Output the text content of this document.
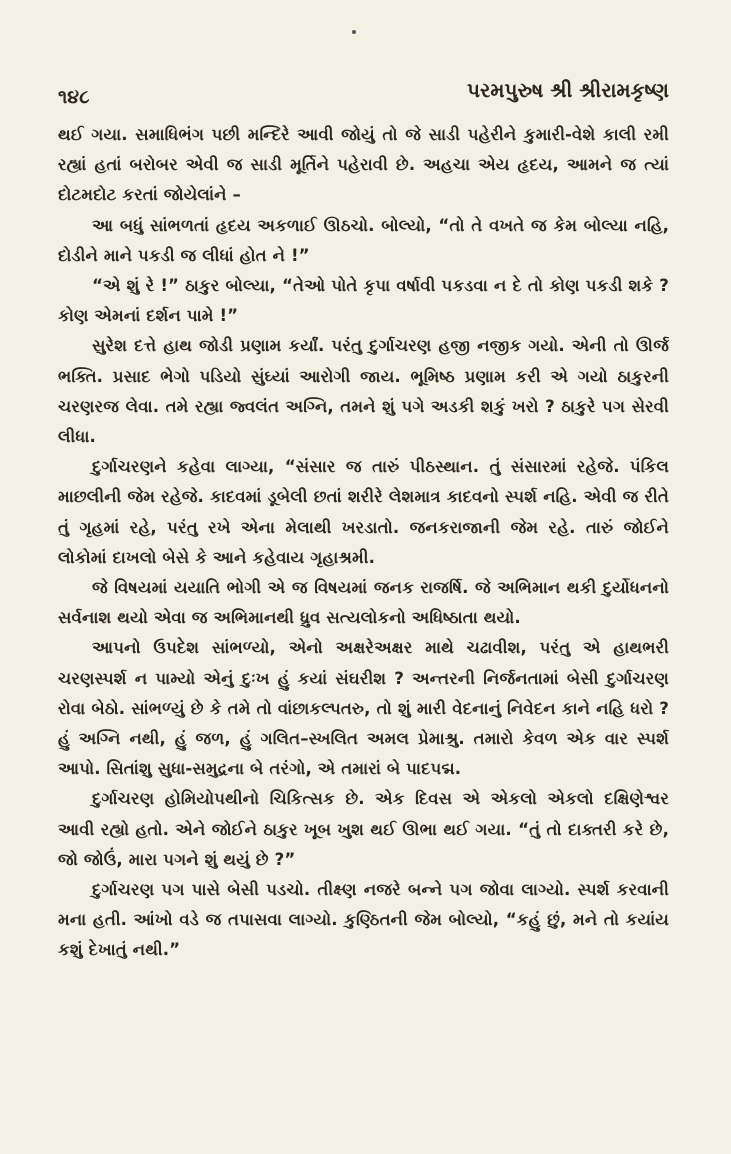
૧૪૮	પરમપુરુષ શ્રી શ્રીરામકૃષ્ણ

થઈ ગયા. સમાધિભંગ પછી મન્દિરે આવી જોયું તો જે સાડી પહેરીને કુમારી-વેશે કાલી રમી રહ્યાં હતાં બરોબર એવી જ સાડી મૂર્તિને પહેરાવી છે. અહચા એય હૃદય, આમને જ ત્યાં દોટમદોટ કરતાં જોયેલાંને –

આ બધું સાંભળતાં હૃદય અકળાઈ ઊઠચો. બોલ્યો, “તો તે વખતે જ કેમ બોલ્યા નહિ, દોડીને માને પકડી જ લીધાં હોત ને !”

“એ શું રે !” ઠાકુર બોલ્યા, “તેઓ પોતે કૃપા વર્ષાવી પકડવા ન દે તો કોણ પકડી શકે ? કોણ એમનાં દર્શન પામે !”

સુરેશ દત્તે હાથ જોડી પ્રણામ કર્યાં. પરંતુ દુર્ગાચરણ હજી નજીક ગયો. એની તો ઊર્જ ભક્તિ. પ્રસાદ ભેગો પડિયો સુંઘ્યાં આરોગી જાય. ભૂમિષ્ઠ પ્રણામ કરી એ ગયો ઠાકુરની ચરણરજ લેવા. તમે રહ્યા જ્વલંત અગ્નિ, તમને શું પગે અડકી શકું ખરો ? ઠાકુરે પગ સેરવી લીધા.

દુર્ગાચરણને કહેવા લાગ્યા, “સંસાર જ તારું પીઠસ્થાન. તું સંસારમાં રહેજે. પંકિલ માછલીની જેમ રહેજે. કાદવમાં ડૂબેલી છતાં શરીરે લેશમાત્ર કાદવનો સ્પર્શ નહિ. એવી જ રીતે તું ગૃહમાં રહે, પરંતુ રખે એના મેલાથી ખરડાતો. જનકરાજાની જેમ રહે. તારું જોઈને લોકોમાં દાખલો બેસે કે આને કહેવાય ગૃહાશ્રમી.

જે વિષયમાં યયાતિ ભોગી એ જ વિષયમાં જનક રાજર્ષિ. જે અભિમાન થકી દુર્યોધનનો સર્વનાશ થયો એવા જ અભિમાનથી ધ્રુવ સત્યલોકનો અધિષ્ઠાતા થયો.

આપનો ઉપદેશ સાંભળ્યો, એનો અક્ષરેઅક્ષર માથે ચઢાવીશ, પરંતુ એ હાથભરી ચરણસ્પર્શ ન પામ્યો એનું દુઃખ હું કયાં સંઘરીશ ? અન્તરની નિર્જનતામાં બેસી દુર્ગાચરણ રોવા બેઠો. સાંભળ્યું છે કે તમે તો વાંછાકલ્પતરુ, તો શું મારી વેદનાનું નિવેદન કાને નહિ ધરો ? હું અગ્નિ નથી, હું જળ, હું ગલિત–સ્ખલિત અમલ પ્રેમાશ્રુ. તમારો કેવળ એક વાર સ્પર્શ આપો. સિતાંશુ સુધા-સમુદ્રના બે તરંગો, એ તમારાં બે પાદપદ્મ.

દુર્ગાચરણ હોમિયોપથીનો ચિકિત્સક છે. એક દિવસ એ એકલો એકલો દક્ષિણેશ્વર આવી રહ્યો હતો. એને જોઈને ઠાકુર ખૂબ ખુશ થઈ ઊભા થઈ ગયા. “તું તો દાક્તરી કરે છે, જો જોઉં, મારા પગને શું થયું છે ?”

દુર્ગાચરણ પગ પાસે બેસી પડચો. તીક્ષ્ણ નજરે બન્ને પગ જોવા લાગ્યો. સ્પર્શ કરવાની મના હતી. આંખો વડે જ તપાસવા લાગ્યો. કુણ્ઠિતની જેમ બોલ્યો, “કહું છું, મને તો કયાંય કશું દેખાતું નથી.”
